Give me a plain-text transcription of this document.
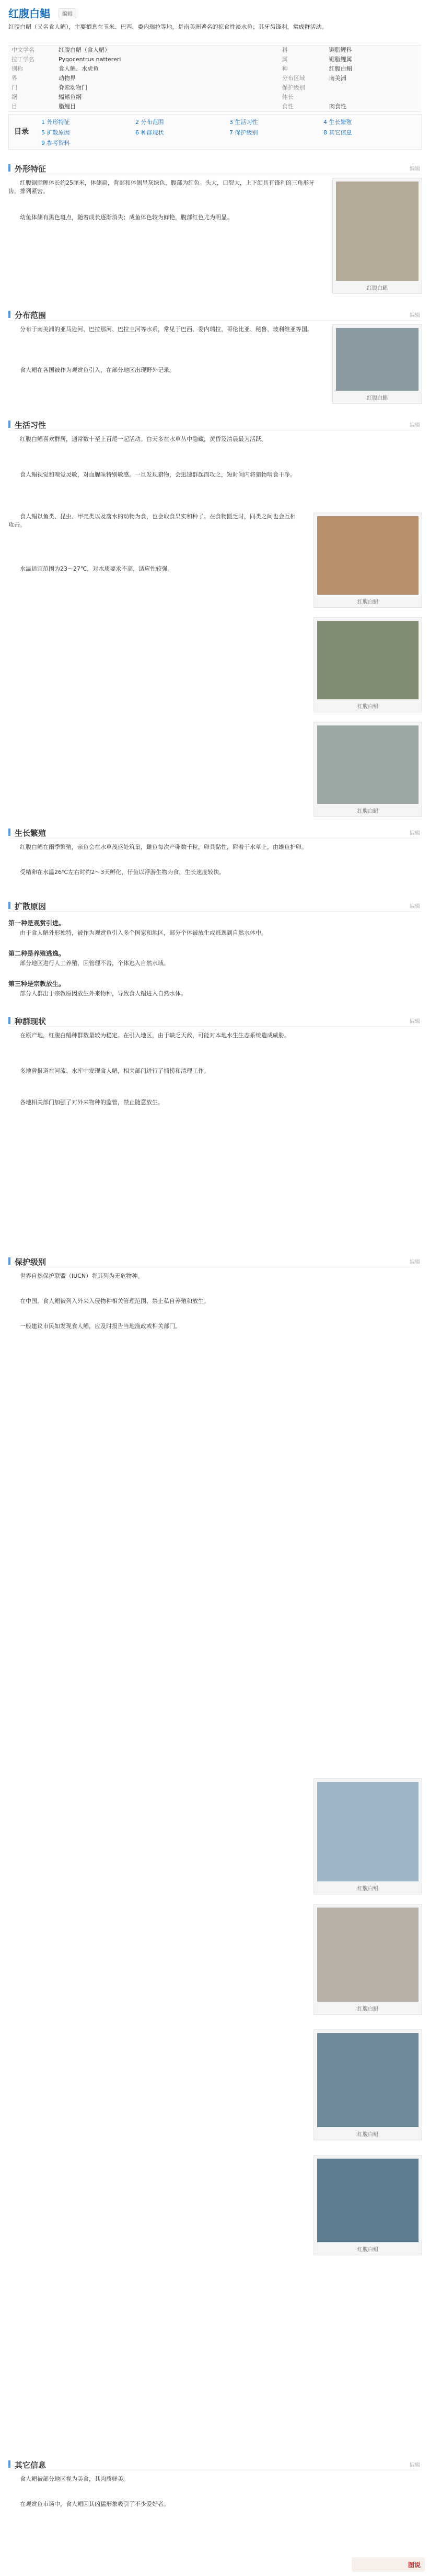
红腹白鲳	编辑
红腹白鲳（又名食人鲳），主要栖息在玉米、巴西、委内瑞拉等地，是南美洲著名的掠食性淡水鱼；其牙齿锋利，常成群活动。
中文学名	红腹白鲳（食人鲳）	科	锯脂鲤科
拉丁学名	Pygocentrus nattereri	属	锯脂鲤属
别称	食人鲳、水虎鱼	种	红腹白鲳
界	动物界	分布区域	南美洲
门	脊索动物门	保护级别	
纲	辐鳍鱼纲	体长	
目	脂鲤目	食性	肉食性
目录
1 外形特征	2 分布范围	3 生活习性	4 生长繁殖
5 扩散原因	6 种群现状	7 保护级别	8 其它信息
9 参考资料
外形特征	编辑
红腹锯脂鲤体长约25厘米，体侧扁，背部和体侧呈灰绿色，腹部为红色。头大，口裂大，上下颌具有锋利的三角形牙齿，排列紧密。
幼鱼体侧有黑色斑点，随着成长逐渐消失；成鱼体色较为鲜艳，腹部红色尤为明显。
红腹白鲳
分布范围	编辑
分布于南美洲的亚马逊河、巴拉那河、巴拉圭河等水系，常见于巴西、委内瑞拉、哥伦比亚、秘鲁、玻利维亚等国。
食人鲳在各国被作为观赏鱼引入，在部分地区出现野外记录。
红腹白鲳
生活习性	编辑
红腹白鲳喜欢群居，通常数十至上百尾一起活动。白天多在水草丛中隐藏，黄昏及清晨最为活跃。
食人鲳视觉和嗅觉灵敏，对血腥味特别敏感。一旦发现猎物，会迅速群起而攻之，短时间内将猎物啃食干净。
食人鲳以鱼类、昆虫、甲壳类以及落水的动物为食，也会取食果实和种子。在食物匮乏时，同类之间也会互相攻击。
水温适宜范围为23～27℃，对水质要求不高，适应性较强。
红腹白鲳
红腹白鲳
红腹白鲳
生长繁殖	编辑
红腹白鲳在雨季繁殖，亲鱼会在水草茂盛处筑巢，雌鱼每次产卵数千粒，卵具黏性，附着于水草上，由雄鱼护卵。
受精卵在水温26℃左右时约2～3天孵化，仔鱼以浮游生物为食，生长速度较快。
扩散原因	编辑
第一种是观赏引进。
由于食人鲳外形独特，被作为观赏鱼引入多个国家和地区，部分个体被放生或逃逸到自然水体中。
第二种是养殖逃逸。
部分地区进行人工养殖，因管理不善，个体逃入自然水域。
第三种是宗教放生。
部分人群出于宗教原因放生外来物种，导致食人鲳进入自然水体。
种群现状	编辑
在原产地，红腹白鲳种群数量较为稳定。在引入地区，由于缺乏天敌，可能对本地水生生态系统造成威胁。
多地曾报道在河流、水库中发现食人鲳，相关部门进行了捕捞和清理工作。
各地相关部门加强了对外来物种的监管，禁止随意放生。
保护级别	编辑
世界自然保护联盟（IUCN）将其列为无危物种。
在中国，食人鲳被列入外来入侵物种相关管理范围，禁止私自养殖和放生。
一般建议市民如发现食人鲳，应及时报告当地渔政或相关部门。
红腹白鲳
红腹白鲳
红腹白鲳
红腹白鲳
其它信息	编辑
食人鲳被部分地区视为美食，其肉质鲜美。
在观赏鱼市场中，食人鲳因其凶猛形象吸引了不少爱好者。
图说
